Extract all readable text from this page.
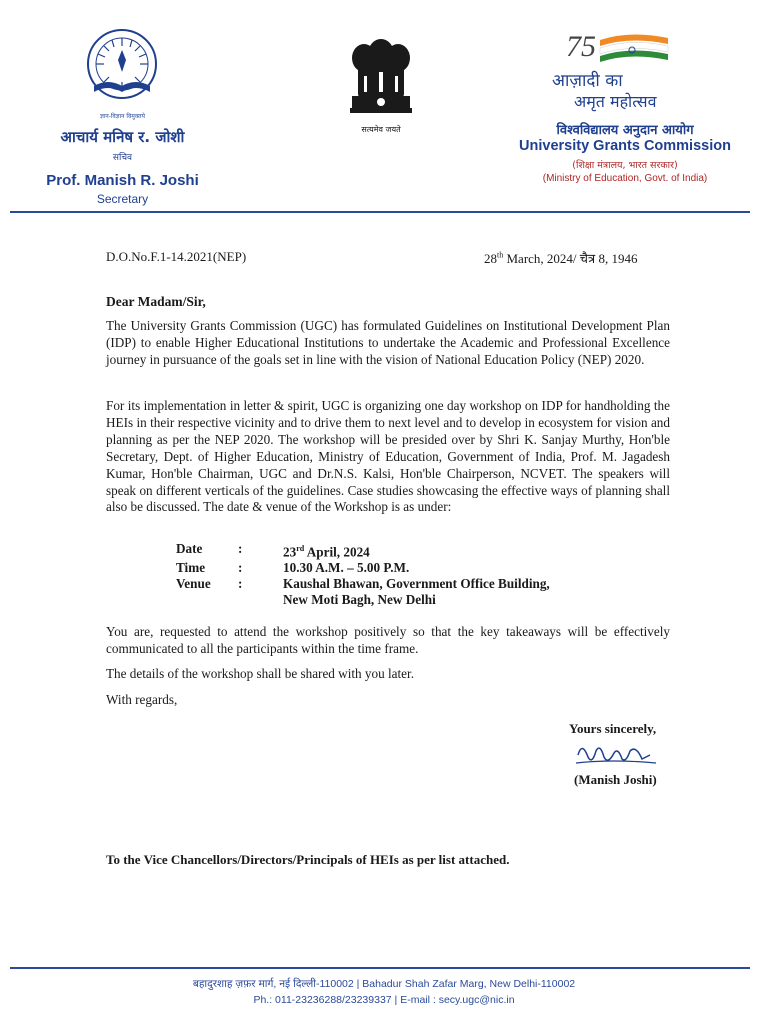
ज्ञान-विज्ञान विमुक्तये
आचार्य मनिष र. जोशी
सचिव
Prof. Manish R. Joshi
Secretary
सत्यमेव जयते
75
आज़ादी का
अमृत महोत्सव
विश्वविद्यालय अनुदान आयोग
University Grants Commission
(शिक्षा मंत्रालय, भारत सरकार)
(Ministry of Education, Govt. of India)
D.O.No.F.1-14.2021(NEP)	28th March, 2024/ चैत्र 8, 1946
Dear Madam/Sir,
The University Grants Commission (UGC) has formulated Guidelines on Institutional Development Plan (IDP) to enable Higher Educational Institutions to undertake the Academic and Professional Excellence journey in pursuance of the goals set in line with the vision of National Education Policy (NEP) 2020.
For its implementation in letter & spirit, UGC is organizing one day workshop on IDP for handholding the HEIs in their respective vicinity and to drive them to next level and to develop in ecosystem for vision and planning as per the NEP 2020. The workshop will be presided over by Shri K. Sanjay Murthy, Hon'ble Secretary, Dept. of Higher Education, Ministry of Education, Government of India, Prof. M. Jagadesh Kumar, Hon'ble Chairman, UGC and Dr.N.S. Kalsi, Hon'ble Chairperson, NCVET. The speakers will speak on different verticals of the guidelines. Case studies showcasing the effective ways of planning shall also be discussed. The date & venue of the Workshop is as under:
Date	:	23rd April, 2024
Time	:	10.30 A.M. – 5.00 P.M.
Venue	:	Kaushal Bhawan, Government Office Building,
New Moti Bagh, New Delhi
You are, requested to attend the workshop positively so that the key takeaways will be effectively communicated to all the participants within the time frame.
The details of the workshop shall be shared with you later.
With regards,
Yours sincerely,
(Manish Joshi)
To the Vice Chancellors/Directors/Principals of HEIs as per list attached.
बहादुरशाह ज़फ़र मार्ग, नई दिल्ली-110002 | Bahadur Shah Zafar Marg, New Delhi-110002
Ph.: 011-23236288/23239337 | E-mail : secy.ugc@nic.in
